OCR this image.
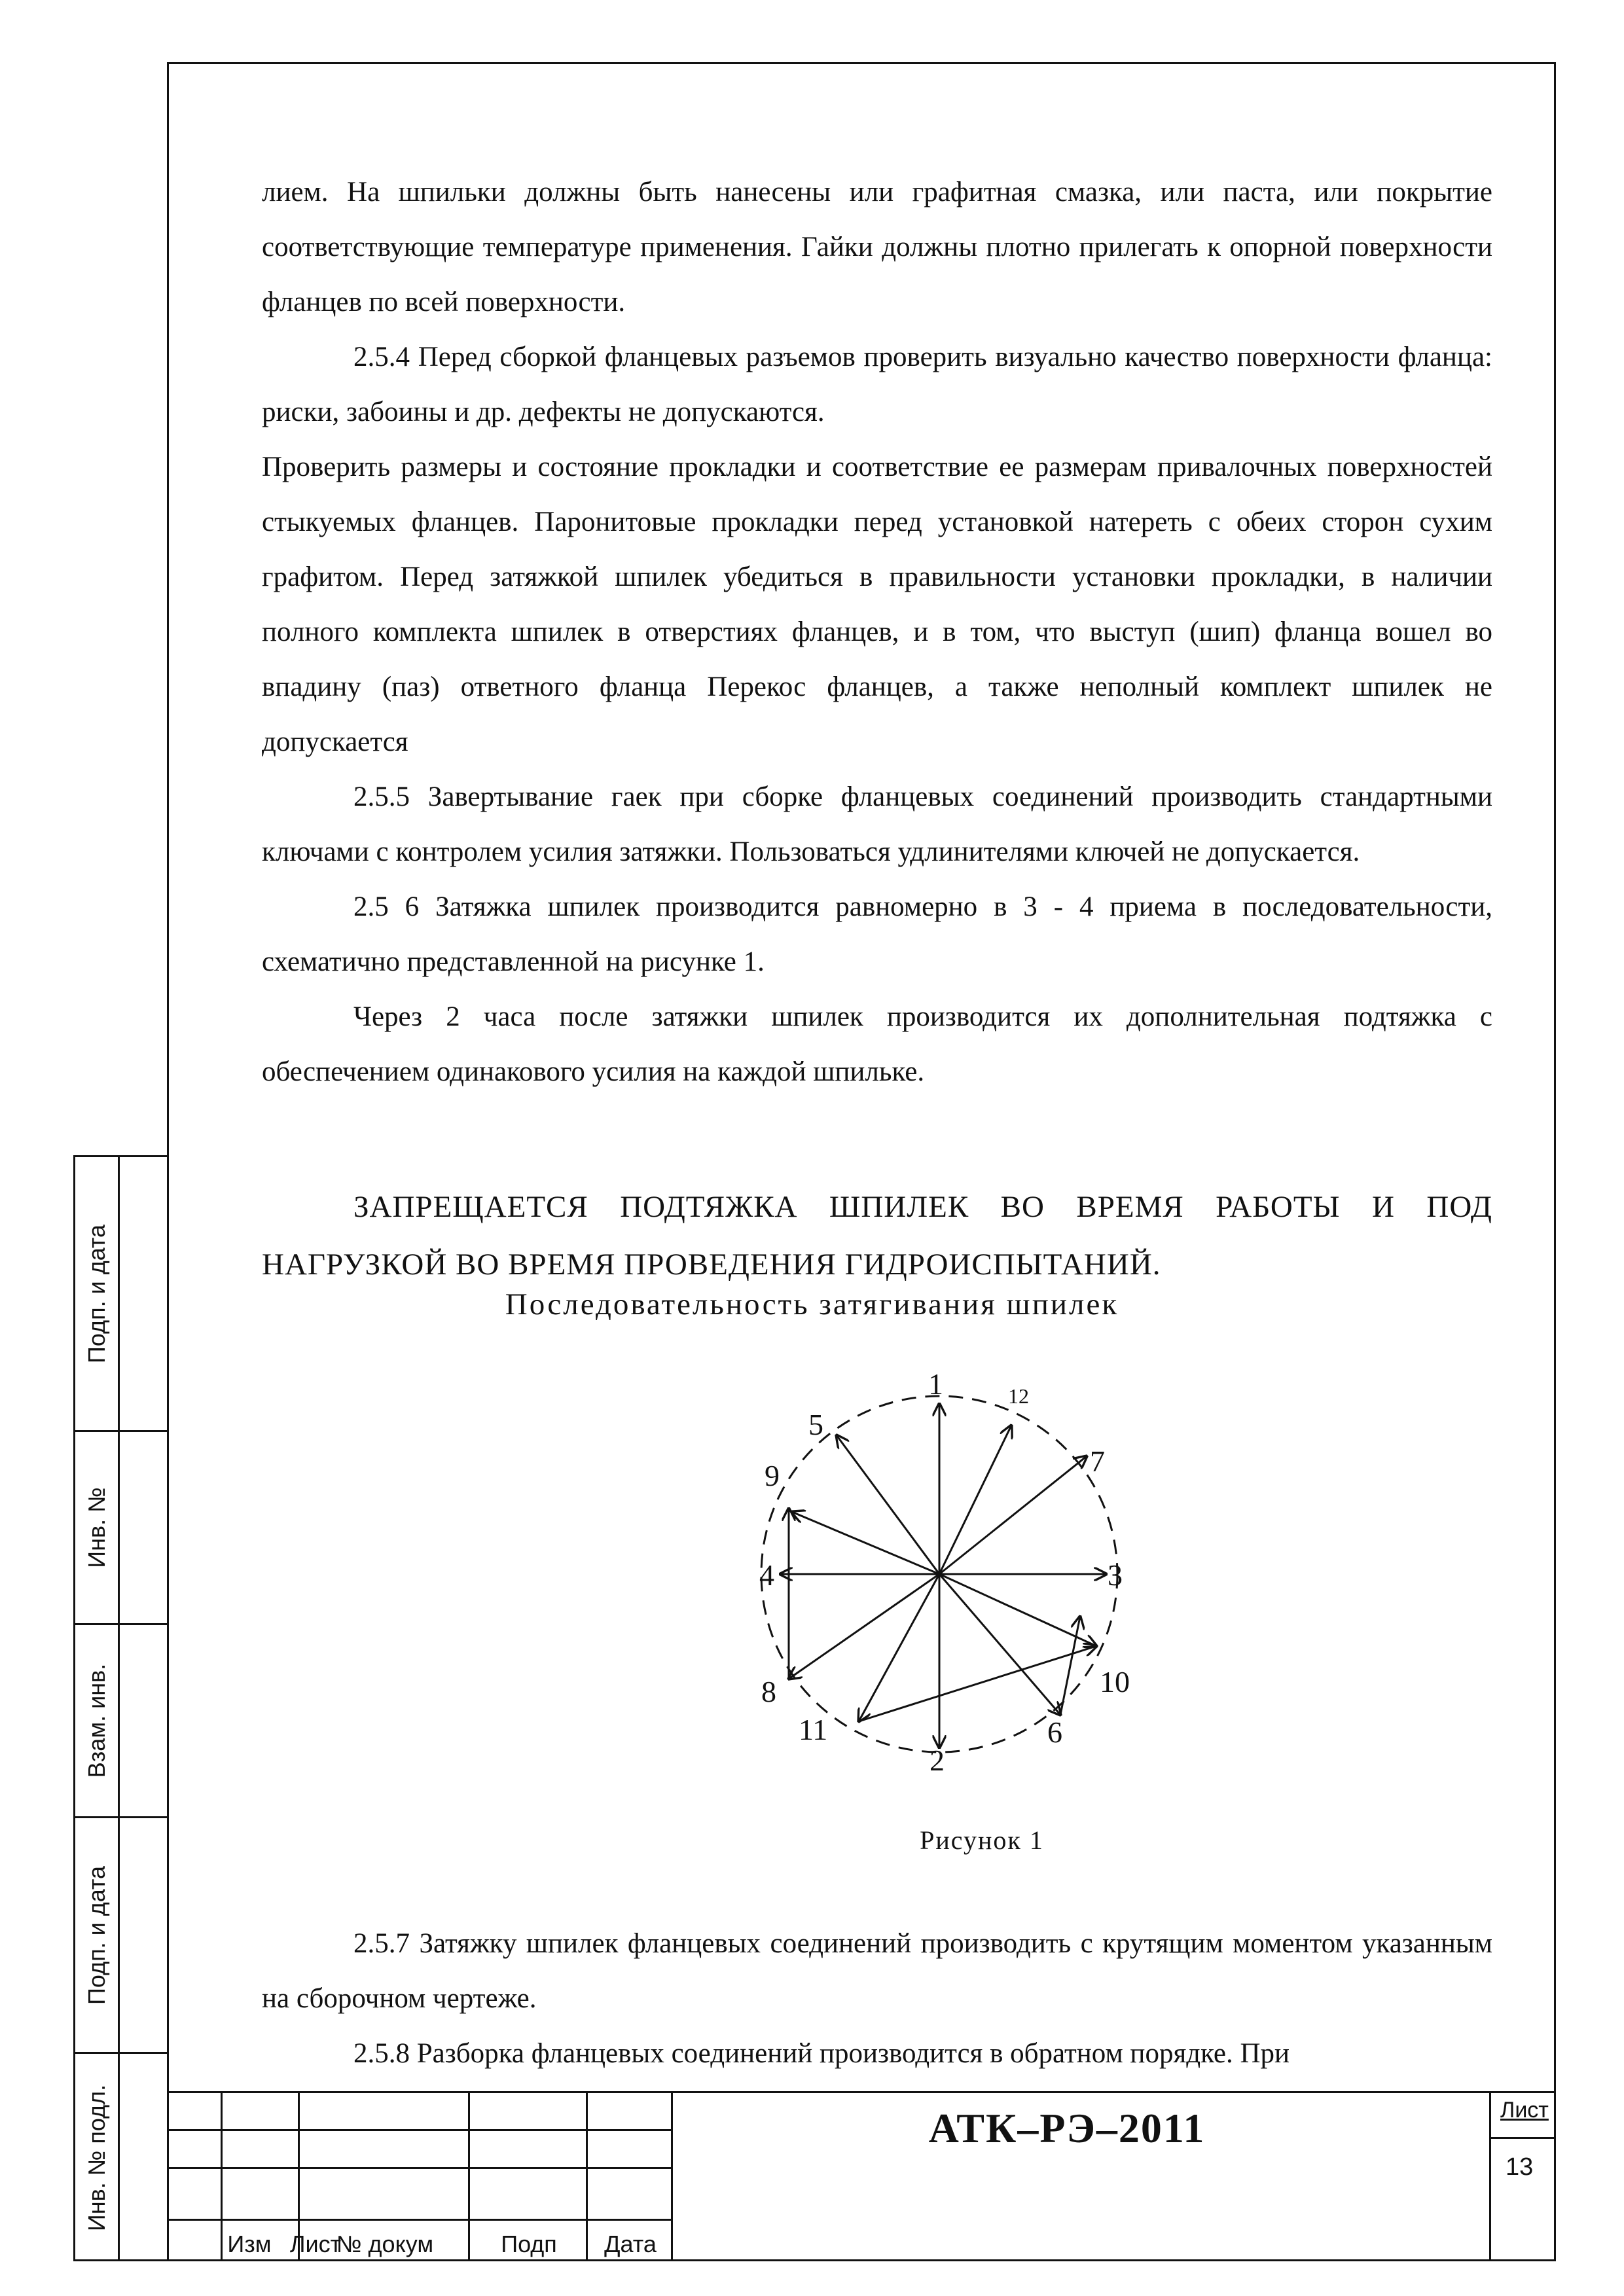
Подп. и дата
Инв. №
Взам. инв.
Подп. и дата
Инв. № подл.

лием. На шпильки должны быть нанесены или графитная смазка, или паста, или покрытие соответствующие температуре применения. Гайки должны плотно прилегать к опорной поверхности фланцев по всей поверхности.

2.5.4 Перед сборкой фланцевых разъемов проверить визуально качество поверхности фланца: риски, забоины и др. дефекты не допускаются.

Проверить размеры и состояние прокладки и соответствие ее размерам привалочных поверхностей стыкуемых фланцев. Паронитовые прокладки перед установкой натереть с обеих сторон сухим графитом. Перед затяжкой шпилек убедиться в правильности установки прокладки, в наличии полного комплекта шпилек в отверстиях фланцев, и в том, что выступ (шип) фланца вошел во впадину (паз) ответного фланца Перекос фланцев, а также неполный комплект шпилек не допускается

2.5.5 Завертывание гаек при сборке фланцевых соединений производить стандартными ключами с контролем усилия затяжки. Пользоваться удлинителями ключей не допускается.

2.5 6 Затяжка шпилек производится равномерно в 3 - 4 приема в последовательности, схематично представленной на рисунке 1.

Через 2 часа после затяжки шпилек производится их дополнительная подтяжка с обеспечением одинакового усилия на каждой шпильке.

ЗАПРЕЩАЕТСЯ ПОДТЯЖКА ШПИЛЕК ВО ВРЕМЯ РАБОТЫ И ПОД НАГРУЗКОЙ ВО ВРЕМЯ ПРОВЕДЕНИЯ ГИДРОИСПЫТАНИЙ.

Последовательность затягивания шпилек
1
2
3
4
5
6
7
8
9
10
11
12
Рисунок 1

2.5.7 Затяжку шпилек фланцевых соединений производить с крутящим моментом указанным на сборочном чертеже.

2.5.8 Разборка фланцевых соединений производится в обратном порядке. При

Изм Лист
№ докум	Подп	Дата
АТК–РЭ–2011	Лист
13
